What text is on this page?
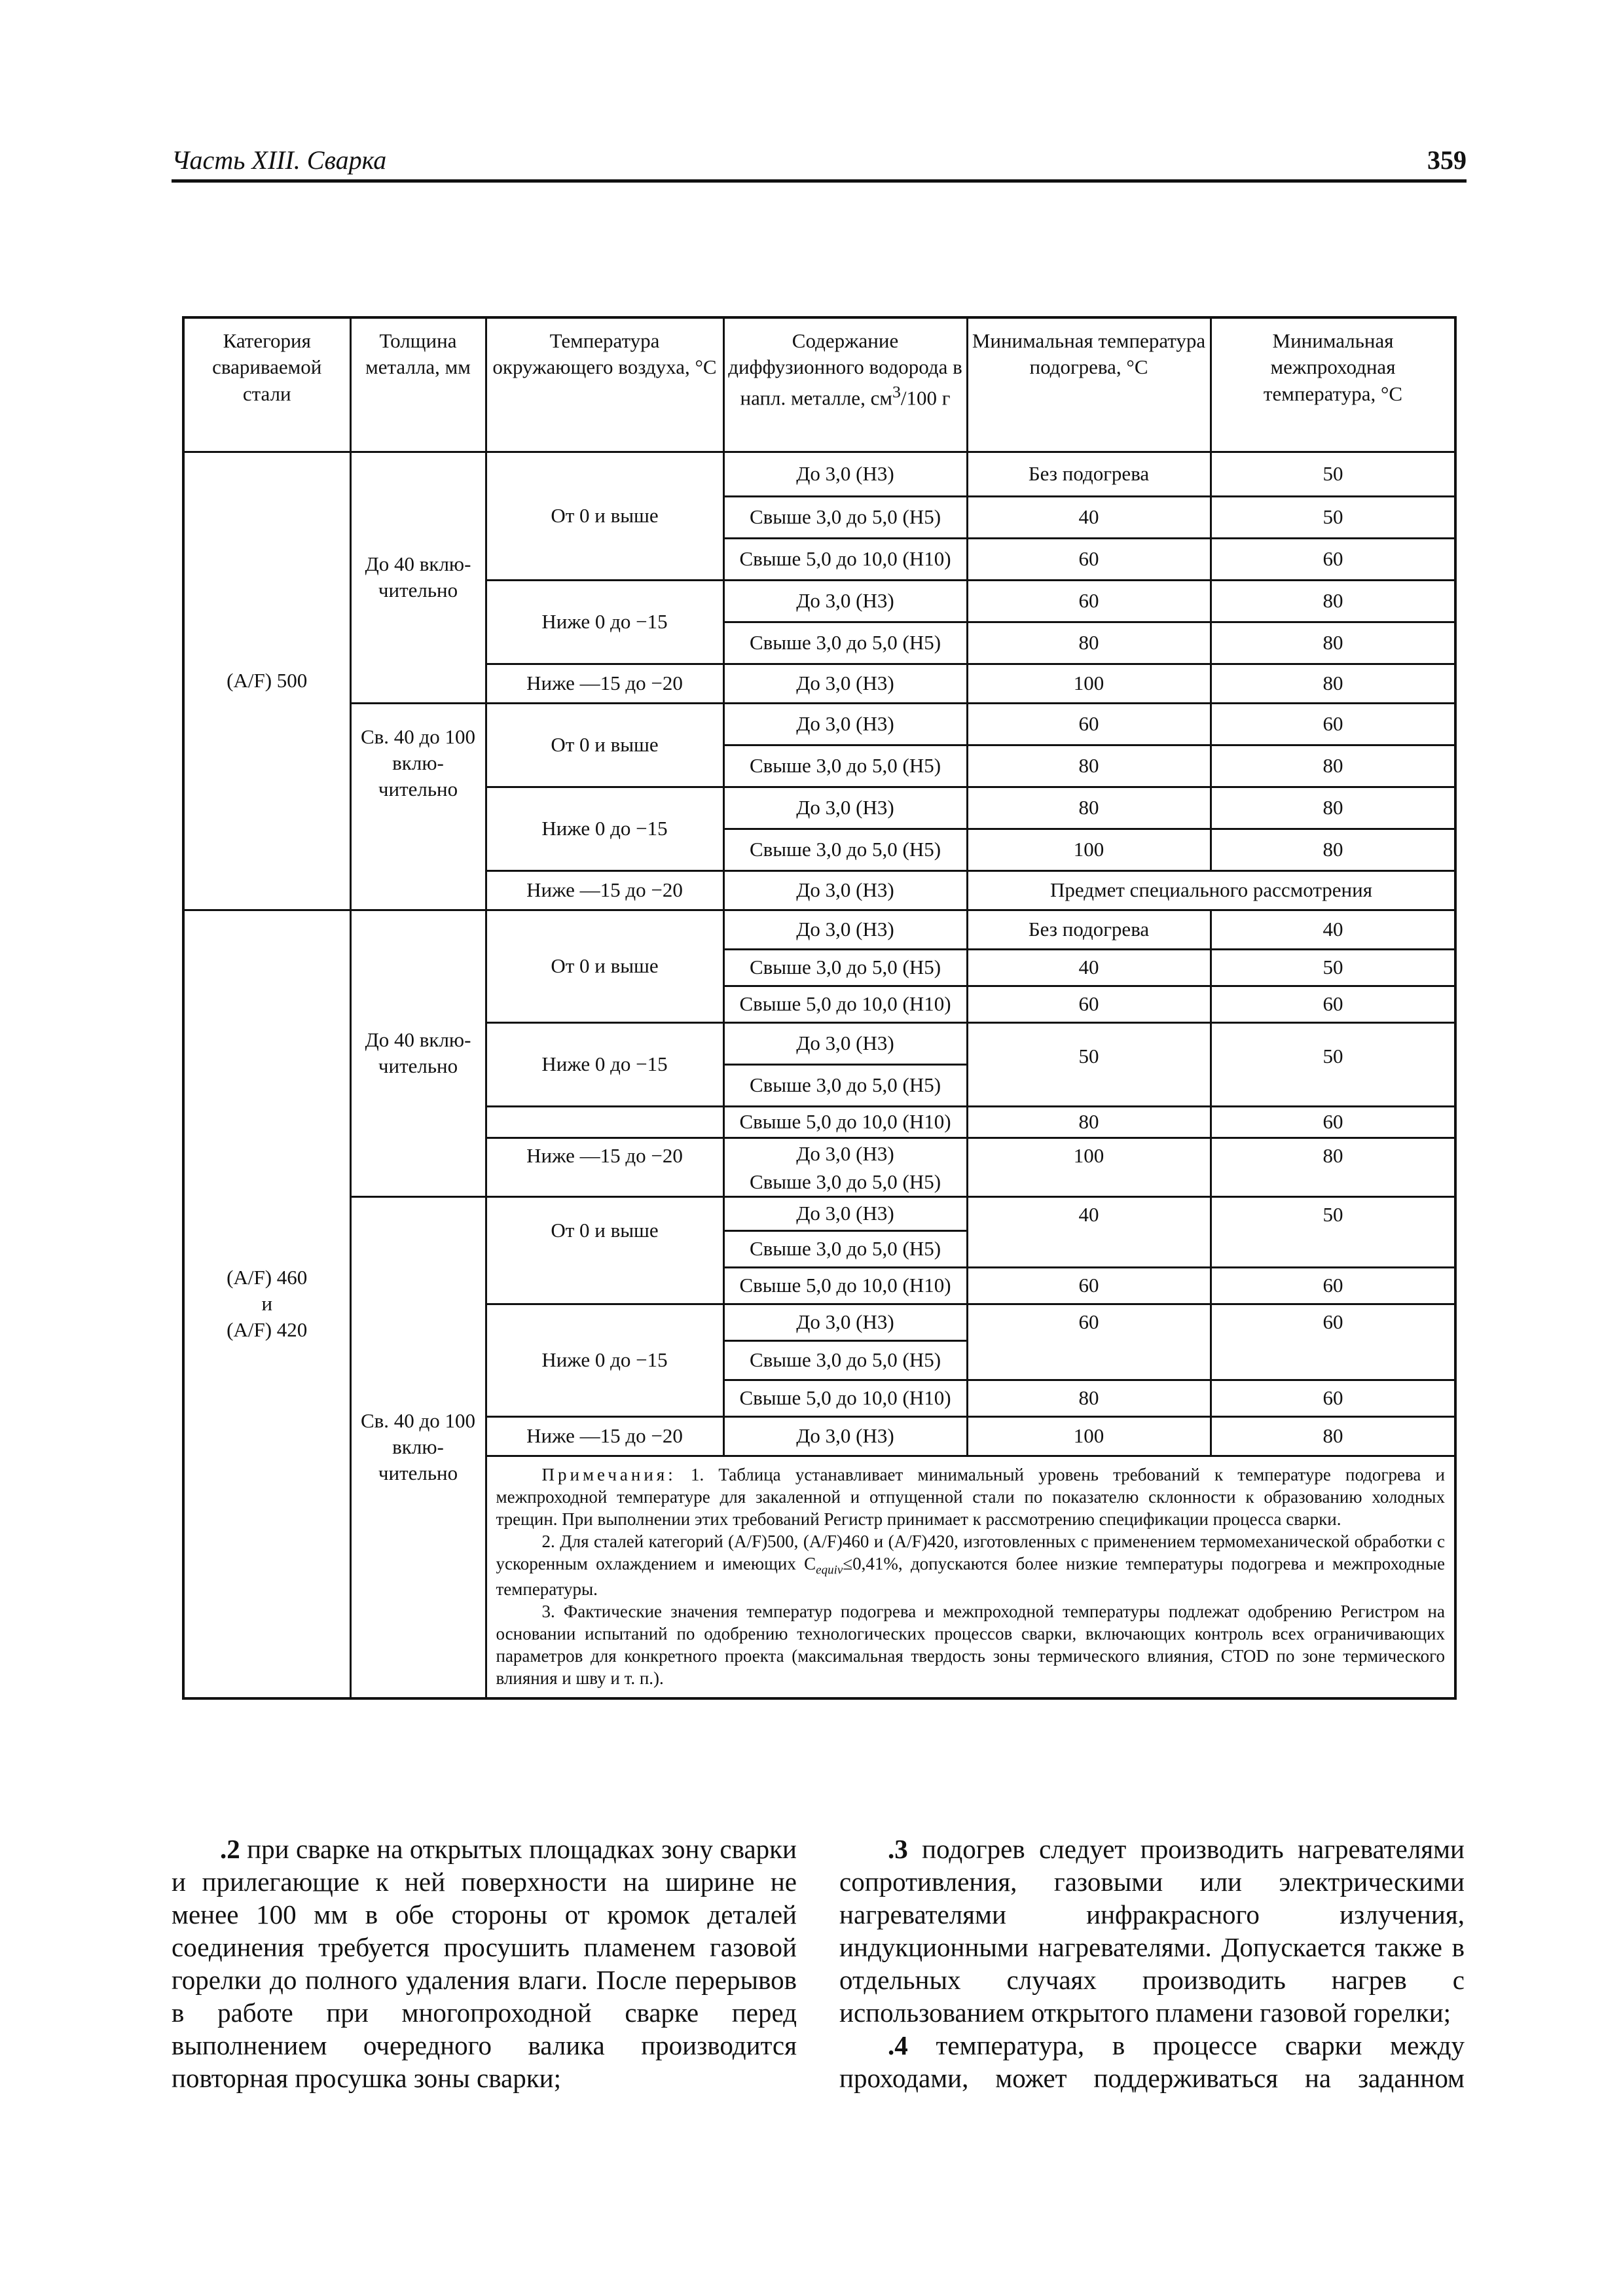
Часть XIII. Сварка	359
Категория свариваемой стали	Толщина металла, мм	Температура окружающего воздуха, °С	Содержание диффузионного водорода в напл. металле, $см^3/100$ г	Минимальная температура подогрева, °С	Минимальная межпроходная температура, °С
(A/F) 500	До 40 вклю-чительно	От 0 и выше	До 3,0 (H3)	Без подогрева	50
			Свыше 3,0 до 5,0 (H5)	40	50
			Свыше 5,0 до 10,0 (H10)	60	60
		Ниже 0 до −15	До 3,0 (H3)	60	80
			Свыше 3,0 до 5,0 (H5)	80	80
		Ниже —15 до −20	До 3,0 (H3)	100	80
	Св. 40 до 100 вклю-чительно	От 0 и выше	До 3,0 (H3)	60	60
			Свыше 3,0 до 5,0 (H5)	80	80
		Ниже 0 до −15	До 3,0 (H3)	80	80
			Свыше 3,0 до 5,0 (H5)	100	80
		Ниже —15 до −20	До 3,0 (H3)	Предмет специального рассмотрения	

(A/F) 460
и
(A/F) 420	До 40 вклю-чительно	От 0 и выше	До 3,0 (H3)	Без подогрева	40
			Свыше 3,0 до 5,0 (H5)	40	50
			Свыше 5,0 до 10,0 (H10)	60	60
		Ниже 0 до −15	До 3,0 (H3)	50	50
			Свыше 3,0 до 5,0 (H5)		
			Свыше 5,0 до 10,0 (H10)	80	60
		Ниже —15 до −20	До 3,0 (H3)	100	80
			Свыше 3,0 до 5,0 (H5)		
	Св. 40 до 100 вклю-чительно	От 0 и выше	До 3,0 (H3)	40	50
			Свыше 3,0 до 5,0 (H5)		
			Свыше 5,0 до 10,0 (H10)	60	60
		Ниже 0 до −15	До 3,0 (H3)	60	60
			Свыше 3,0 до 5,0 (H5)		
			Свыше 5,0 до 10,0 (H10)	80	60
		Ниже —15 до −20	До 3,0 (H3)	100	80

		Примечания: 1. Таблица устанавливает минимальный уровень требований к температуре подогрева и межпроходной температуре для закаленной и отпущенной стали по показателю склонности к образованию холодных трещин. При выполнении этих требований Регистр принимает к рассмотрению спецификации процесса сварки.

2. Для сталей категорий (A/F)500, (A/F)460 и (A/F)420, изготовленных с применением термомеханической обработки с ускоренным охлаждением и имеющих $C_{equiv}\le 0,41\%$, допускаются более низкие температуры подогрева и межпроходные температуры.

3. Фактические значения температур подогрева и межпроходной температуры подлежат одобрению Регистром на основании испытаний по одобрению технологических процессов сварки, включающих контроль всех ограничивающих параметров для конкретного проекта (максимальная твердость зоны термического влияния, CTOD по зоне термического влияния и шву и т. п.).			

.2 при сварке на открытых площадках зону сварки и прилегающие к ней поверхности на ширине не менее 100 мм в обе стороны от кромок деталей соединения требуется просушить пламенем газовой горелки до полного удаления влаги. После перерывов в работе при многопроходной сварке перед выполнением очередного валика производится повторная просушка зоны сварки;

.3 подогрев следует производить нагревателями сопротивления, газовыми или электрическими нагревателями инфракрасного излучения, индукционными нагревателями. Допускается также в отдельных случаях производить нагрев с использованием открытого пламени газовой горелки;

.4 температура, в процессе сварки между проходами, может поддерживаться на заданном
